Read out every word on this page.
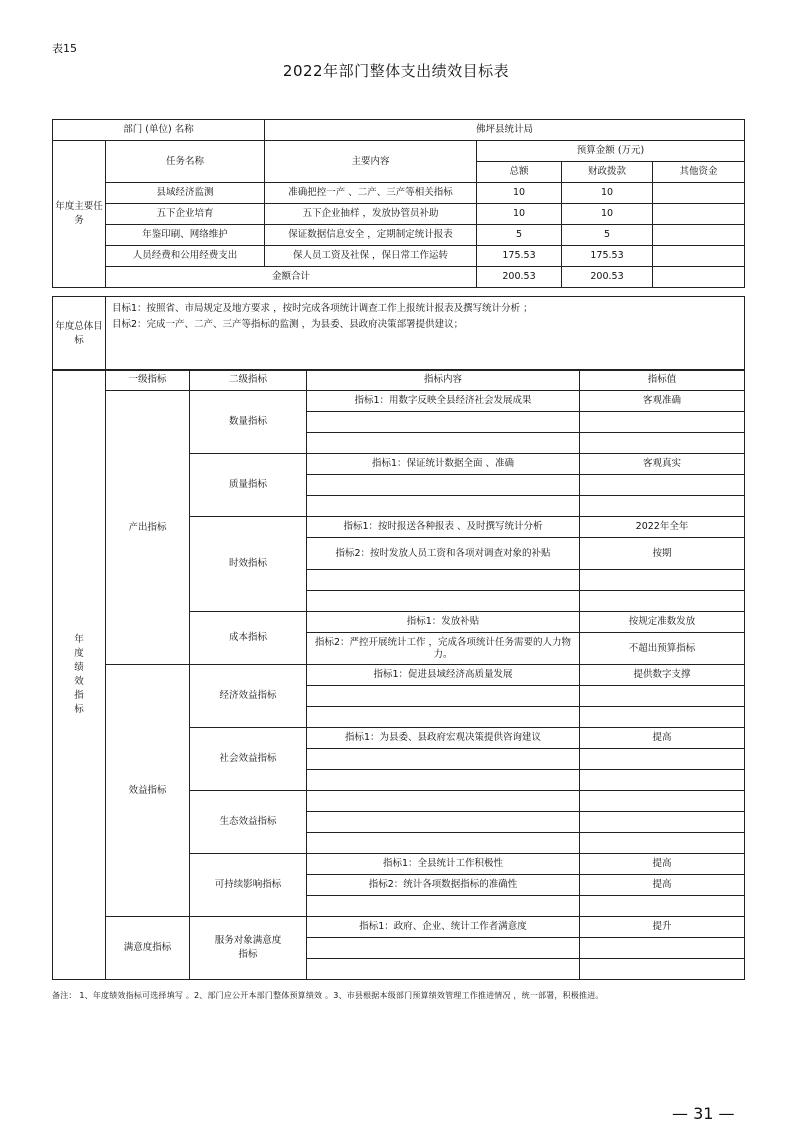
表15
2022年部门整体支出绩效目标表
部门 (单位) 名称		佛坪县统计局			
年度主要任务	任务名称	主要内容	预算金额 (万元)		
			总额	财政拨款	其他资金
	县域经济监测	准确把控一产 、二产、三产等相关指标	10	10	
	五下企业培育	五下企业抽样 ，发放协管员补助	10	10	
	年鉴印刷、网络维护	保证数据信息安全 ，定期制定统计报表	5	5	
	人员经费和公用经费支出	保人员工资及社保 ，保日常工作运转	175.53	175.53	
	金额合计		200.53	200.53	
年度总体目标	
目标1：按照省、市局规定及地方要求 ，按时完成各项统计调查工作上报统计报表及撰写统计分析 ；
目标2：完成一产、二产、三产等指标的监测 ，为县委、县政府决策部署提供建议；
年度绩效指标	一级指标	二级指标	指标内容	指标值
	产出指标	数量指标	指标1：用数字反映全县经济社会发展成果	客观准确

		质量指标	指标1：保证统计数据全面 、准确	客观真实

		时效指标	指标1：按时报送各种报表 、及时撰写统计分析	2022年全年
			指标2：按时发放人员工资和各项对调查对象的补贴	按期

		成本指标	指标1：发放补贴	按规定准数发放
			指标2：严控开展统计工作 ，完成各项统计任务需要的人力物力。	不超出预算指标
	效益指标	经济效益指标	指标1：促进县域经济高质量发展	提供数字支撑

		社会效益指标	指标1：为县委、县政府宏观决策提供咨询建议	提高

		生态效益指标		

		可持续影响指标	指标1：全县统计工作积极性	提高
			指标2：统计各项数据指标的准确性	提高

	满意度指标	服务对象满意度指标	指标1：政府、企业、统计工作者满意度	提升

备注： 1、年度绩效指标可选择填写 。2、部门应公开本部门整体预算绩效 。3、市县根据本级部门预算绩效管理工作推进情况 ，统一部署，积极推进。
— 31 —
